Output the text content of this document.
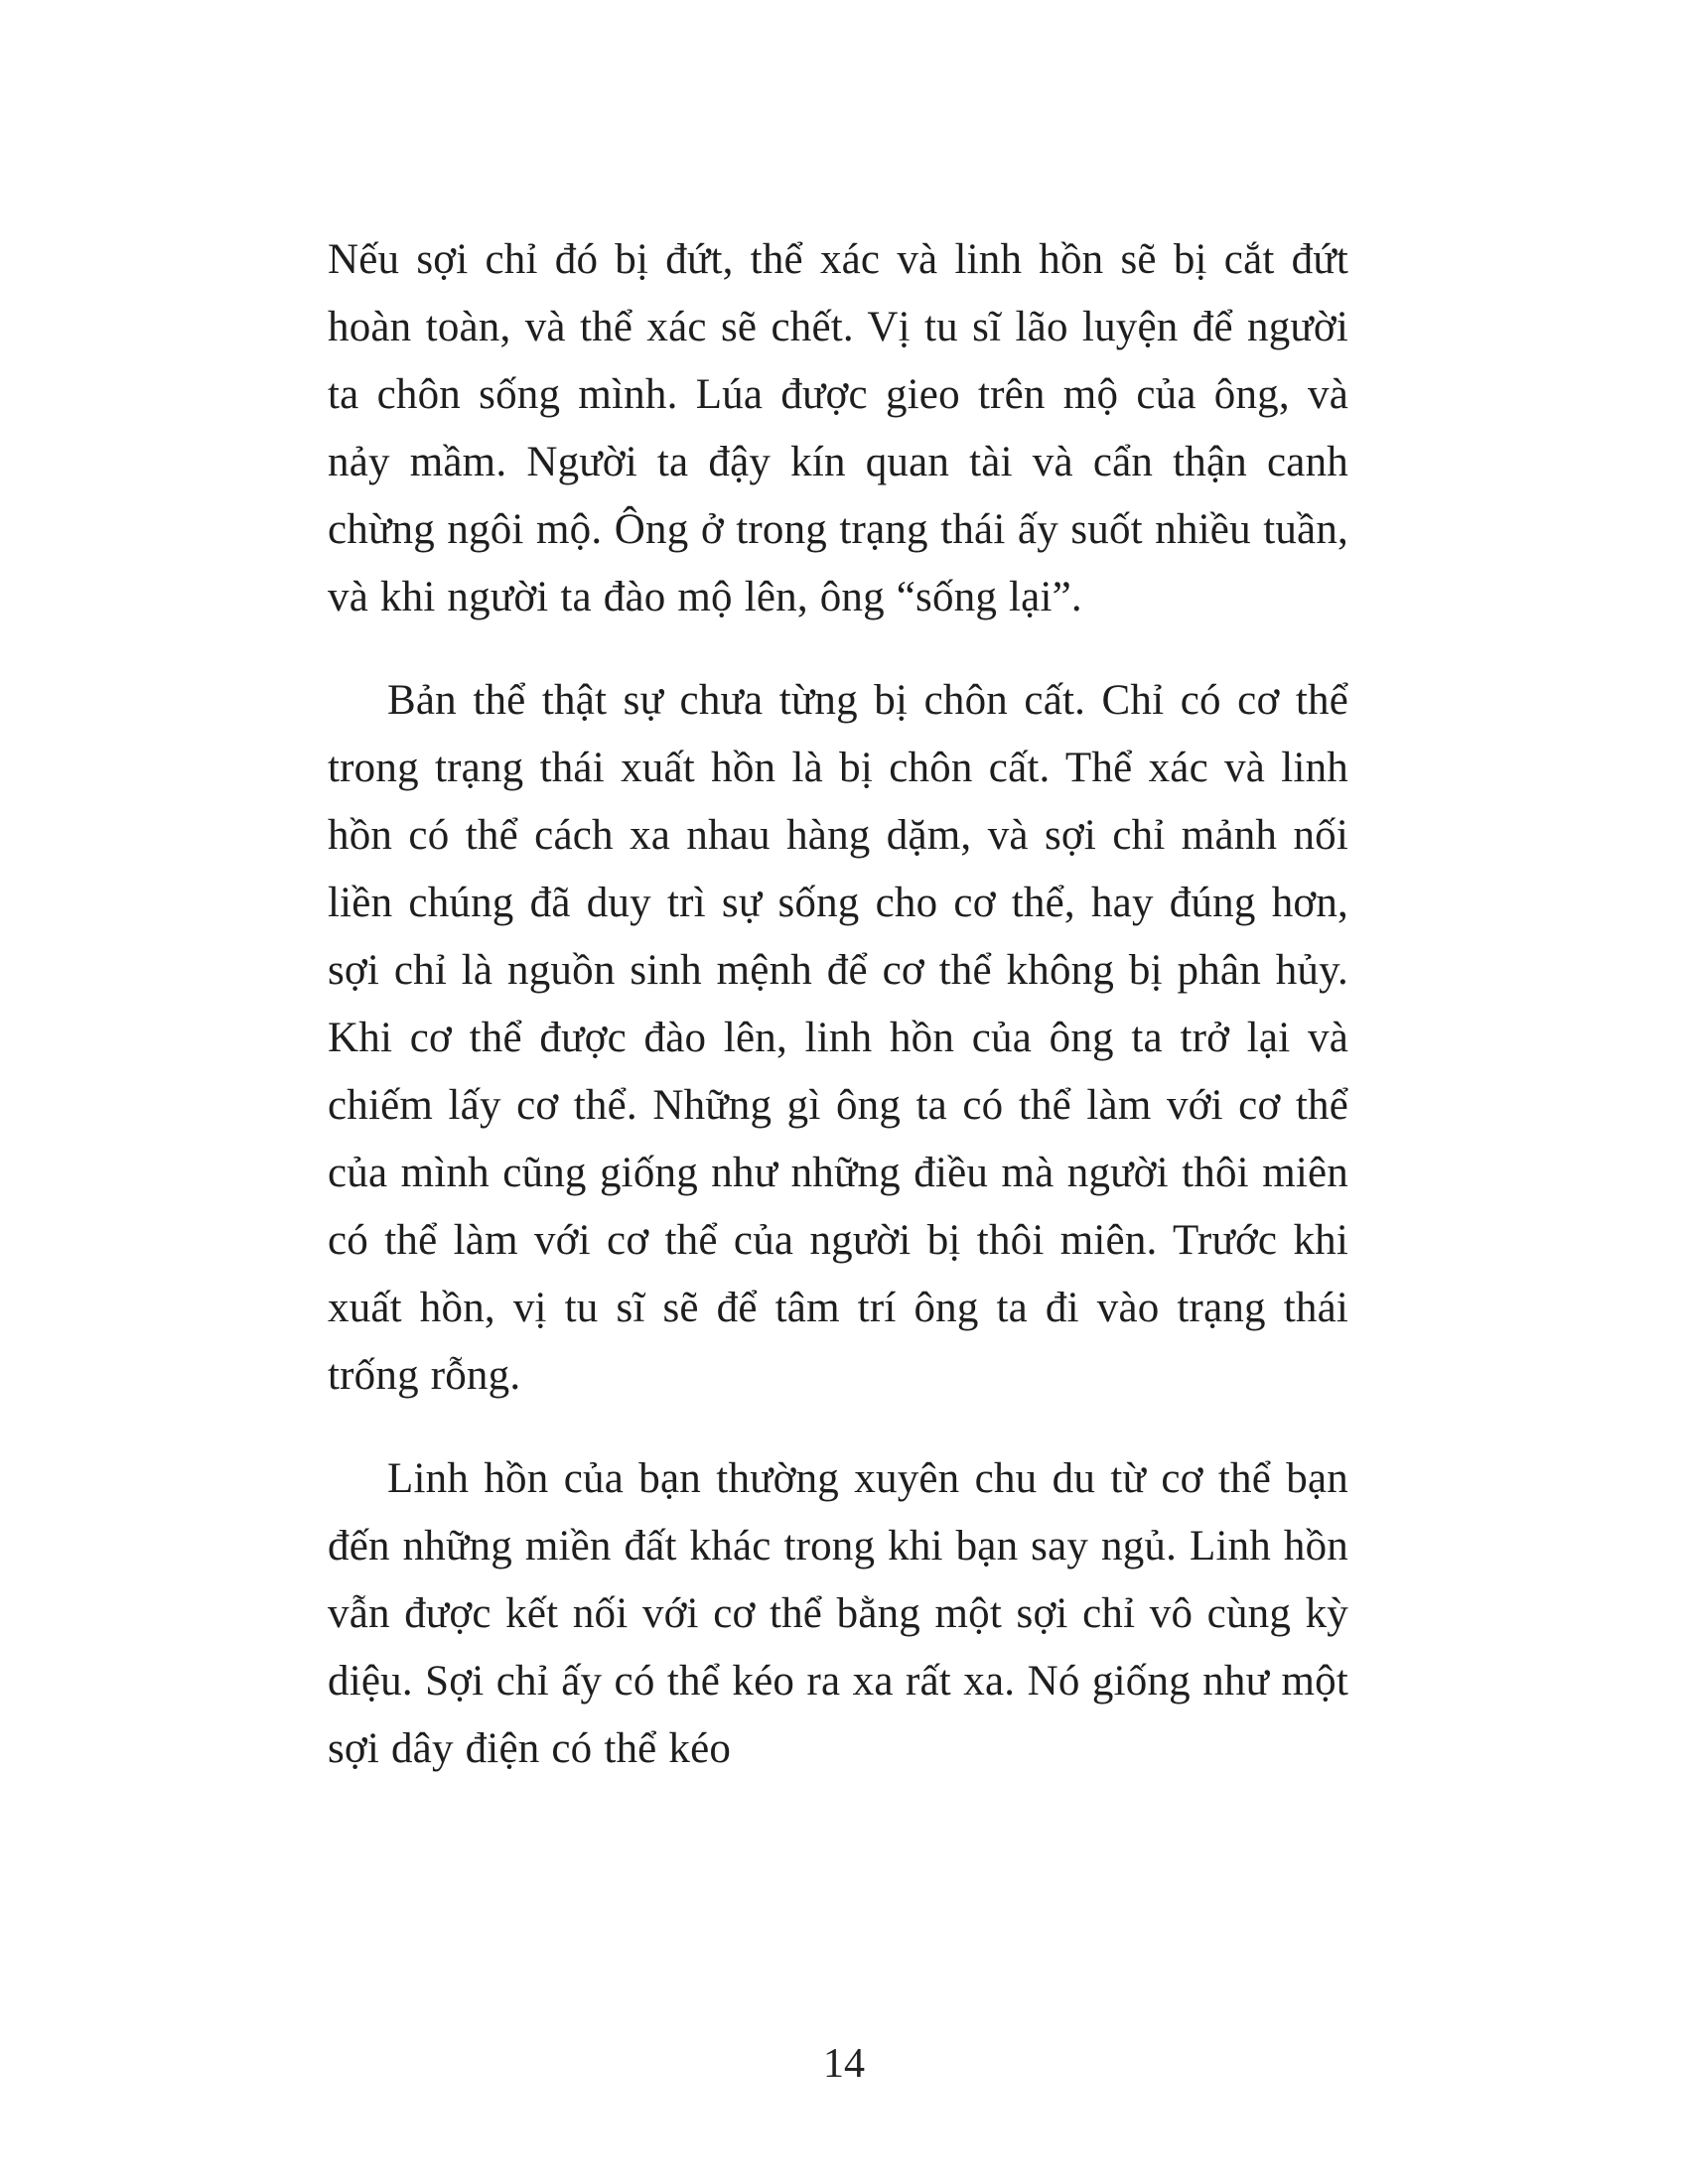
Nếu sợi chỉ đó bị đứt, thể xác và linh hồn sẽ bị cắt đứt hoàn toàn, và thể xác sẽ chết. Vị tu sĩ lão luyện để người ta chôn sống mình. Lúa được gieo trên mộ của ông, và nảy mầm. Người ta đậy kín quan tài và cẩn thận canh chừng ngôi mộ. Ông ở trong trạng thái ấy suốt nhiều tuần, và khi người ta đào mộ lên, ông “sống lại”.

Bản thể thật sự chưa từng bị chôn cất. Chỉ có cơ thể trong trạng thái xuất hồn là bị chôn cất. Thể xác và linh hồn có thể cách xa nhau hàng dặm, và sợi chỉ mảnh nối liền chúng đã duy trì sự sống cho cơ thể, hay đúng hơn, sợi chỉ là nguồn sinh mệnh để cơ thể không bị phân hủy. Khi cơ thể được đào lên, linh hồn của ông ta trở lại và chiếm lấy cơ thể. Những gì ông ta có thể làm với cơ thể của mình cũng giống như những điều mà người thôi miên có thể làm với cơ thể của người bị thôi miên. Trước khi xuất hồn, vị tu sĩ sẽ để tâm trí ông ta đi vào trạng thái trống rỗng.

Linh hồn của bạn thường xuyên chu du từ cơ thể bạn đến những miền đất khác trong khi bạn say ngủ. Linh hồn vẫn được kết nối với cơ thể bằng một sợi chỉ vô cùng kỳ diệu. Sợi chỉ ấy có thể kéo ra xa rất xa. Nó giống như một sợi dây điện có thể kéo

14
